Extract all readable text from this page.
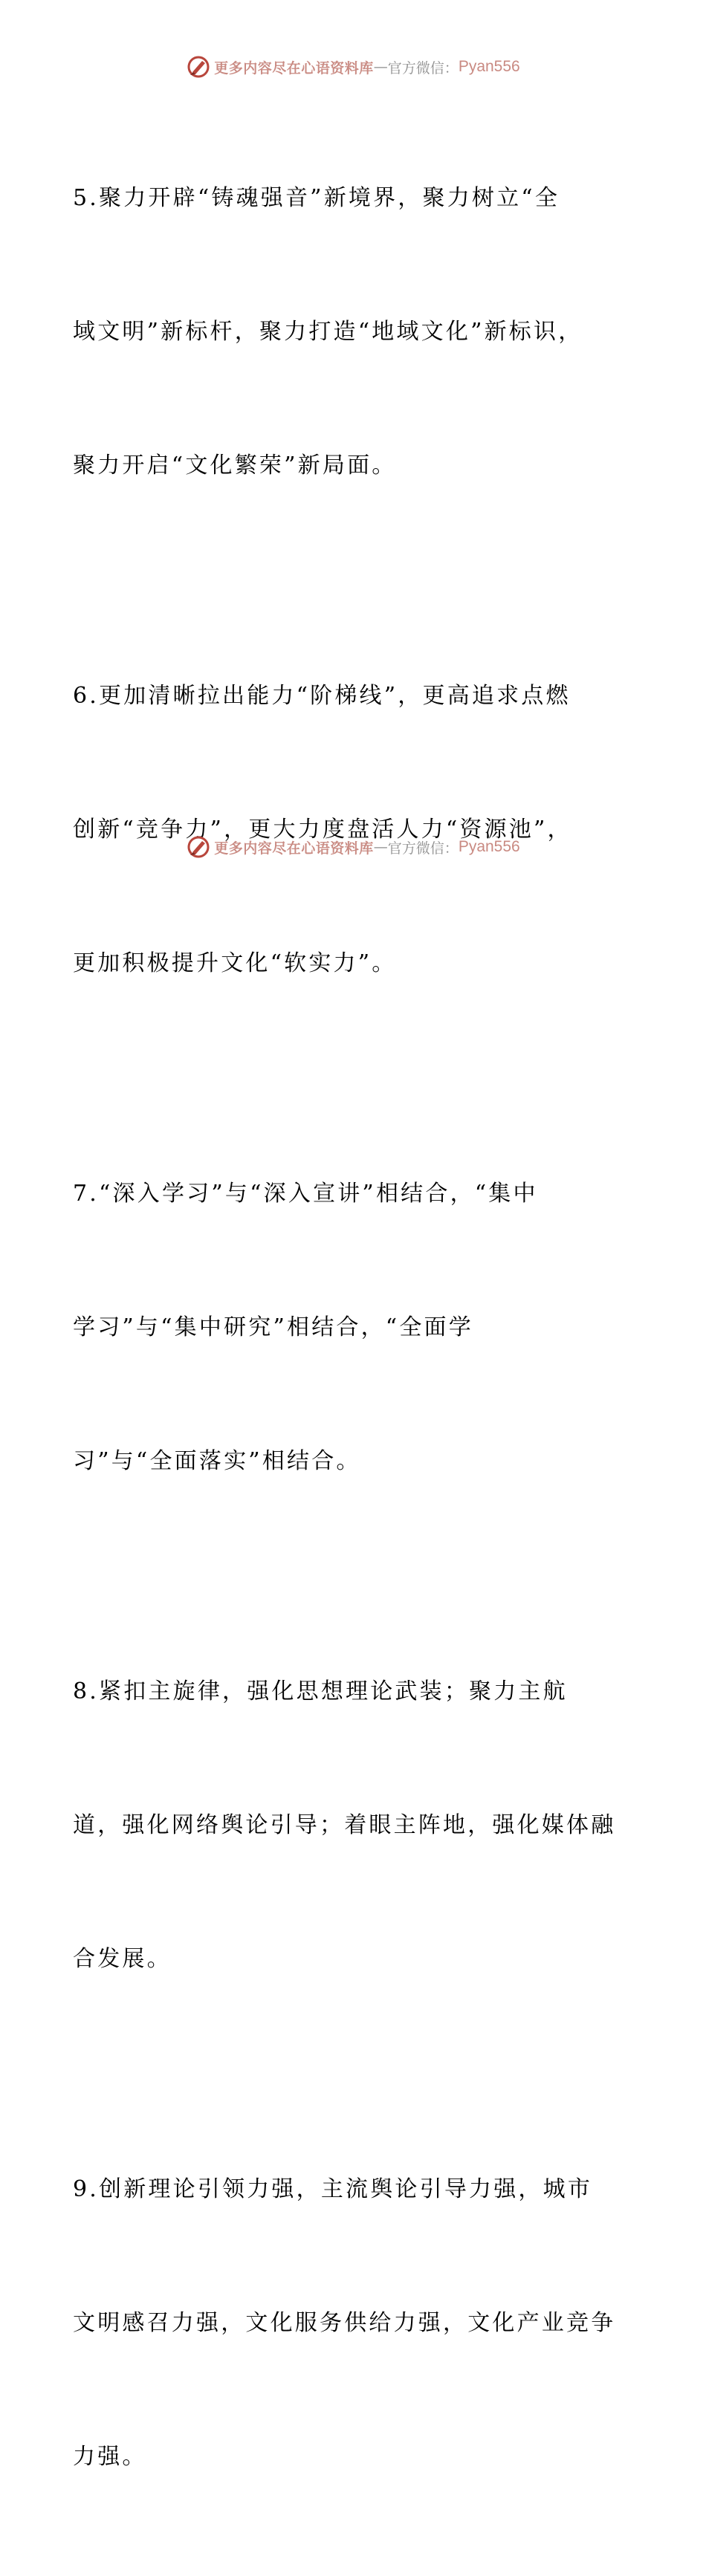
更多内容尽在心语资料库 — 官方微信： Pyan556

5.聚力开辟“铸魂强音”新境界，聚力树立“全

域文明”新标杆，聚力打造“地域文化”新标识，

聚力开启“文化繁荣”新局面。

6.更加清晰拉出能力“阶梯线”，更高追求点燃

创新“竞争力”，更大力度盘活人力“资源池”，

更加积极提升文化“软实力”。

7.“深入学习”与“深入宣讲”相结合，“集中

学习”与“集中研究”相结合，“全面学

习”与“全面落实”相结合。

8.紧扣主旋律，强化思想理论武装；聚力主航

道，强化网络舆论引导；着眼主阵地，强化媒体融

合发展。

9.创新理论引领力强，主流舆论引导力强，城市

文明感召力强，文化服务供给力强，文化产业竞争

力强。

更多内容尽在心语资料库 — 官方微信： Pyan556
